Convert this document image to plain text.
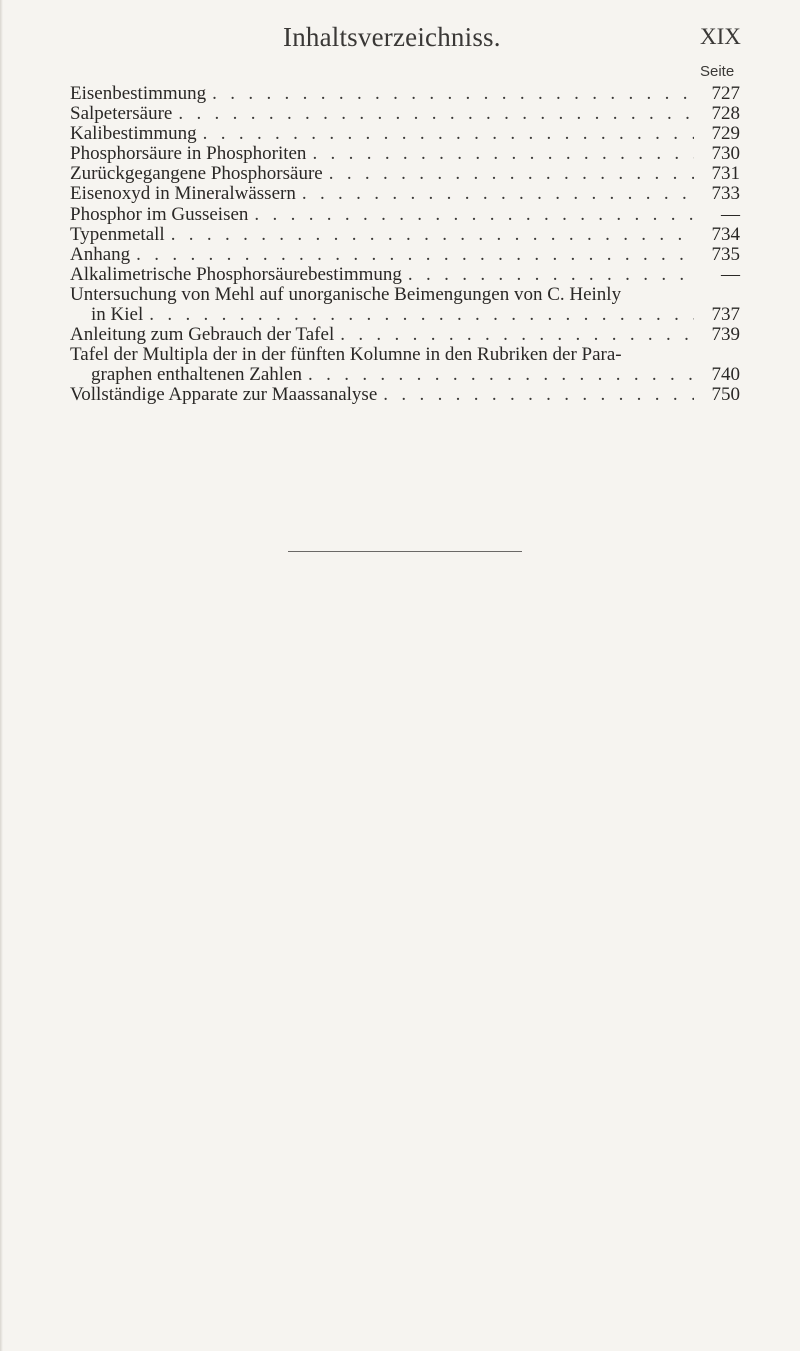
Inhaltsverzeichniss.	XIX
Seite
Eisenbestimmung . . .	727
Salpetersäure . . .	728
Kalibestimmung . . .	729
Phosphorsäure in Phosphoriten . . .	730
Zurückgegangene Phosphorsäure . . .	731
Eisenoxyd in Mineralwässern . . .	733
Phosphor im Gusseisen . . .	—
Typenmetall . . .	734
Anhang . . .	735
Alkalimetrische Phosphorsäurebestimmung . . .	—
Untersuchung von Mehl auf unorganische Beimengungen von C. Heinly
in Kiel . . .	737
Anleitung zum Gebrauch der Tafel . . .	739
Tafel der Multipla der in der fünften Kolumne in den Rubriken der Para-
graphen enthaltenen Zahlen . . .	740
Vollständige Apparate zur Maassanalyse . . .	750
